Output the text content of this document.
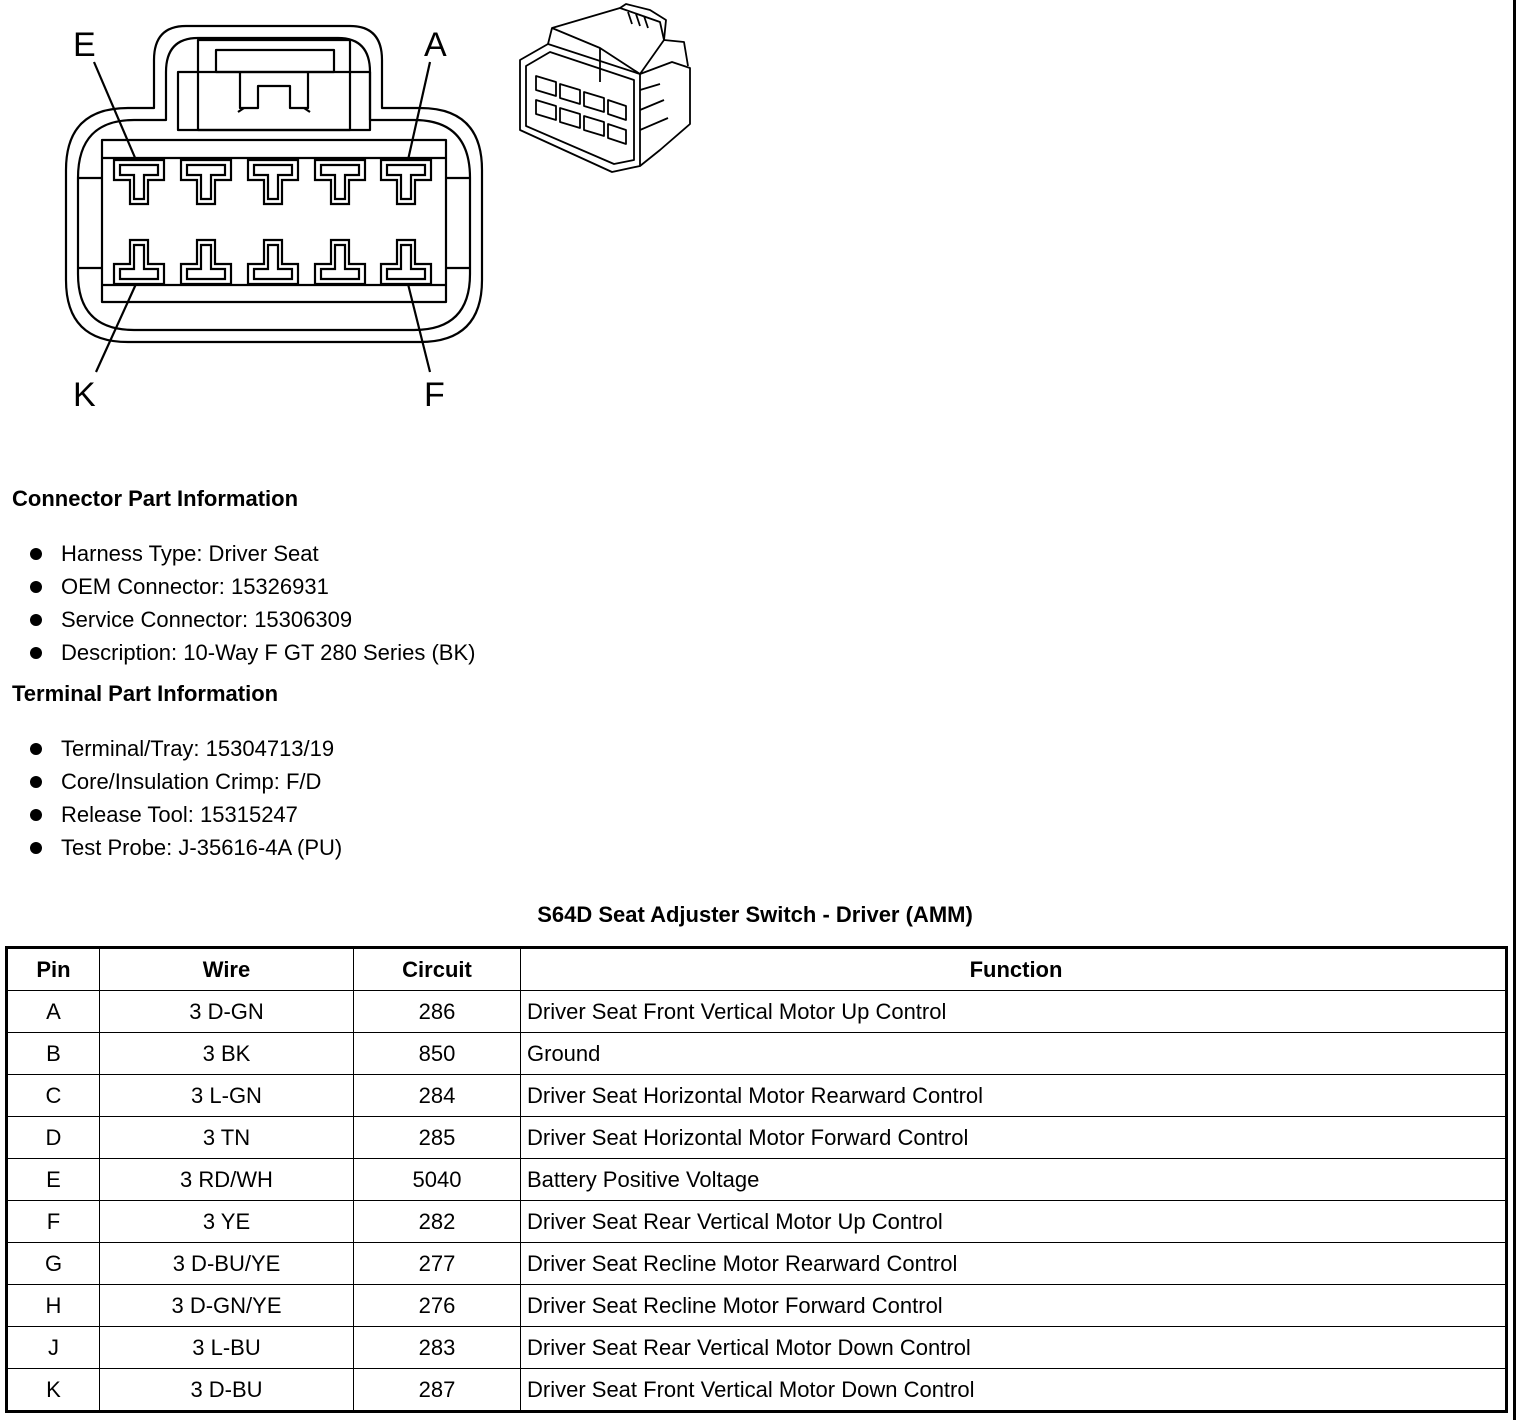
E	A
K	F
Connector Part Information
Harness Type: Driver Seat
OEM Connector: 15326931
Service Connector: 15306309
Description: 10-Way F GT 280 Series (BK)
Terminal Part Information
Terminal/Tray: 15304713/19
Core/Insulation Crimp: F/D
Release Tool: 15315247
Test Probe: J-35616-4A (PU)
S64D Seat Adjuster Switch - Driver (AMM)
Pin	Wire	Circuit	Function
A	3 D-GN	286	Driver Seat Front Vertical Motor Up Control
B	3 BK	850	Ground
C	3 L-GN	284	Driver Seat Horizontal Motor Rearward Control
D	3 TN	285	Driver Seat Horizontal Motor Forward Control
E	3 RD/WH	5040	Battery Positive Voltage
F	3 YE	282	Driver Seat Rear Vertical Motor Up Control
G	3 D-BU/YE	277	Driver Seat Recline Motor Rearward Control
H	3 D-GN/YE	276	Driver Seat Recline Motor Forward Control
J	3 L-BU	283	Driver Seat Rear Vertical Motor Down Control
K	3 D-BU	287	Driver Seat Front Vertical Motor Down Control
